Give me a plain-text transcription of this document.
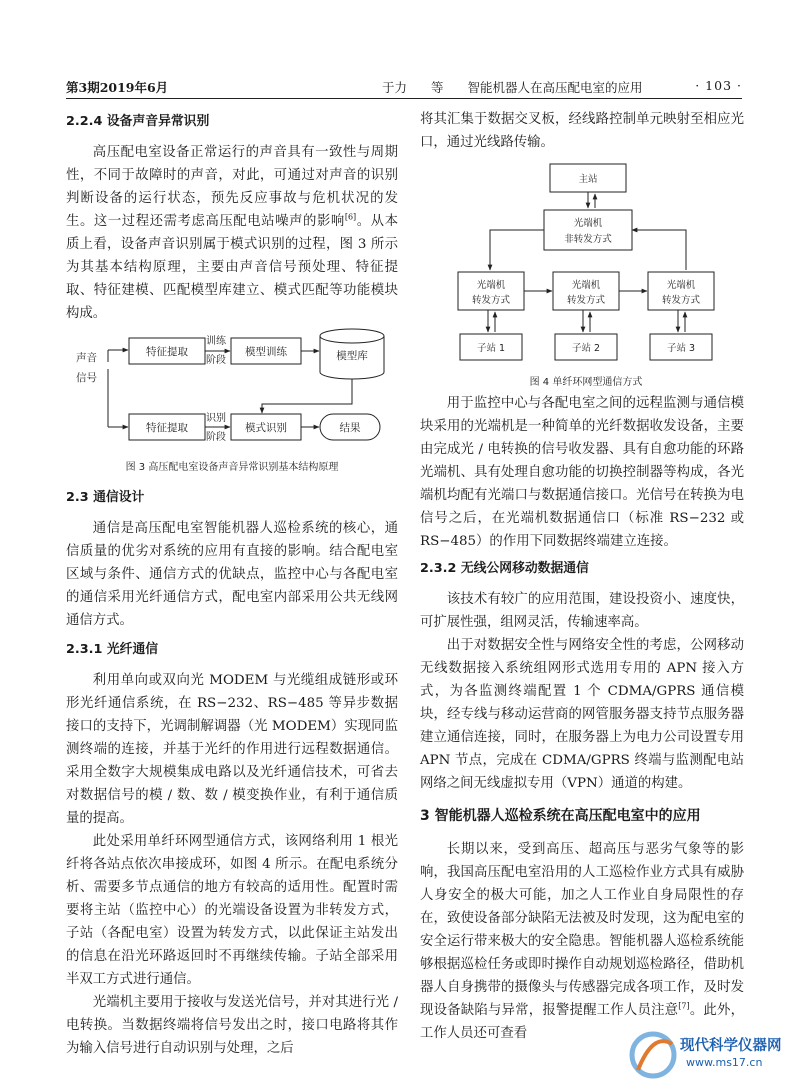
第3期2019年6月	于力 等 智能机器人在高压配电室的应用	· 103 ·
2.2.4 设备声音异常识别

高压配电室设备正常运行的声音具有一致性与周期性，不同于故障时的声音，对此，可通过对声音的识别判断设备的运行状态，预先反应事故与危机状况的发生。这一过程还需考虑高压配电站噪声的影响[6]。从本质上看，设备声音识别属于模式识别的过程，图 3 所示为其基本结构原理，主要由声音信号预处理、特征提取、特征建模、匹配模型库建立、模式匹配等功能模块构成。

声音
信号
特征提取
训练
阶段
模型训练	模型库
特征提取
识别
阶段
模式识别	结果
图 3 高压配电室设备声音异常识别基本结构原理
2.3 通信设计

通信是高压配电室智能机器人巡检系统的核心，通信质量的优劣对系统的应用有直接的影响。结合配电室区域与条件、通信方式的优缺点，监控中心与各配电室的通信采用光纤通信方式，配电室内部采用公共无线网通信方式。

2.3.1 光纤通信

利用单向或双向光 MODEM 与光缆组成链形或环形光纤通信系统，在 RS−232、RS−485 等异步数据接口的支持下，光调制解调器（光 MODEM）实现同监测终端的连接，并基于光纤的作用进行远程数据通信。采用全数字大规模集成电路以及光纤通信技术，可省去对数据信号的模 / 数、数 / 模变换作业，有利于通信质量的提高。

此处采用单纤环网型通信方式，该网络利用 1 根光纤将各站点依次串接成环，如图 4 所示。在配电系统分析、需要多节点通信的地方有较高的适用性。配置时需要将主站（监控中心）的光端设备设置为非转发方式，子站（各配电室）设置为转发方式，以此保证主站发出的信息在沿光环路返回时不再继续传输。子站全部采用半双工方式进行通信。

光端机主要用于接收与发送光信号，并对其进行光 / 电转换。当数据终端将信号发出之时，接口电路将其作为输入信号进行自动识别与处理，之后

将其汇集于数据交叉板，经线路控制单元映射至相应光口，通过光线路传输。

主站
光端机
非转发方式
光端机
转发方式
光端机
转发方式
光端机
转发方式
子站 1	子站 2	子站 3
图 4 单纤环网型通信方式

用于监控中心与各配电室之间的远程监测与通信模块采用的光端机是一种简单的光纤数据收发设备，主要由完成光 / 电转换的信号收发器、具有自愈功能的环路光端机、具有处理自愈功能的切换控制器等构成，各光端机均配有光端口与数据通信接口。光信号在转换为电信号之后，在光端机数据通信口（标准 RS−232 或 RS−485）的作用下同数据终端建立连接。

2.3.2 无线公网移动数据通信

该技术有较广的应用范围，建设投资小、速度快，可扩展性强，组网灵活，传输速率高。

出于对数据安全性与网络安全性的考虑，公网移动无线数据接入系统组网形式选用专用的 APN 接入方式，为各监测终端配置 1 个 CDMA/GPRS 通信模块，经专线与移动运营商的网管服务器支持节点服务器建立通信连接，同时，在服务器上为电力公司设置专用 APN 节点，完成在 CDMA/GPRS 终端与监测配电站网络之间无线虚拟专用（VPN）通道的构建。

3 智能机器人巡检系统在高压配电室中的应用

长期以来，受到高压、超高压与恶劣气象等的影响，我国高压配电室沿用的人工巡检作业方式具有威胁人身安全的极大可能，加之人工作业自身局限性的存在，致使设备部分缺陷无法被及时发现，这为配电室的安全运行带来极大的安全隐患。智能机器人巡检系统能够根据巡检任务或即时操作自动规划巡检路径，借助机器人自身携带的摄像头与传感器完成各项工作，及时发现设备缺陷与异常，报警提醒工作人员注意[7]。此外，工作人员还可查看

现代科学仪器网
www.ms17.cn
